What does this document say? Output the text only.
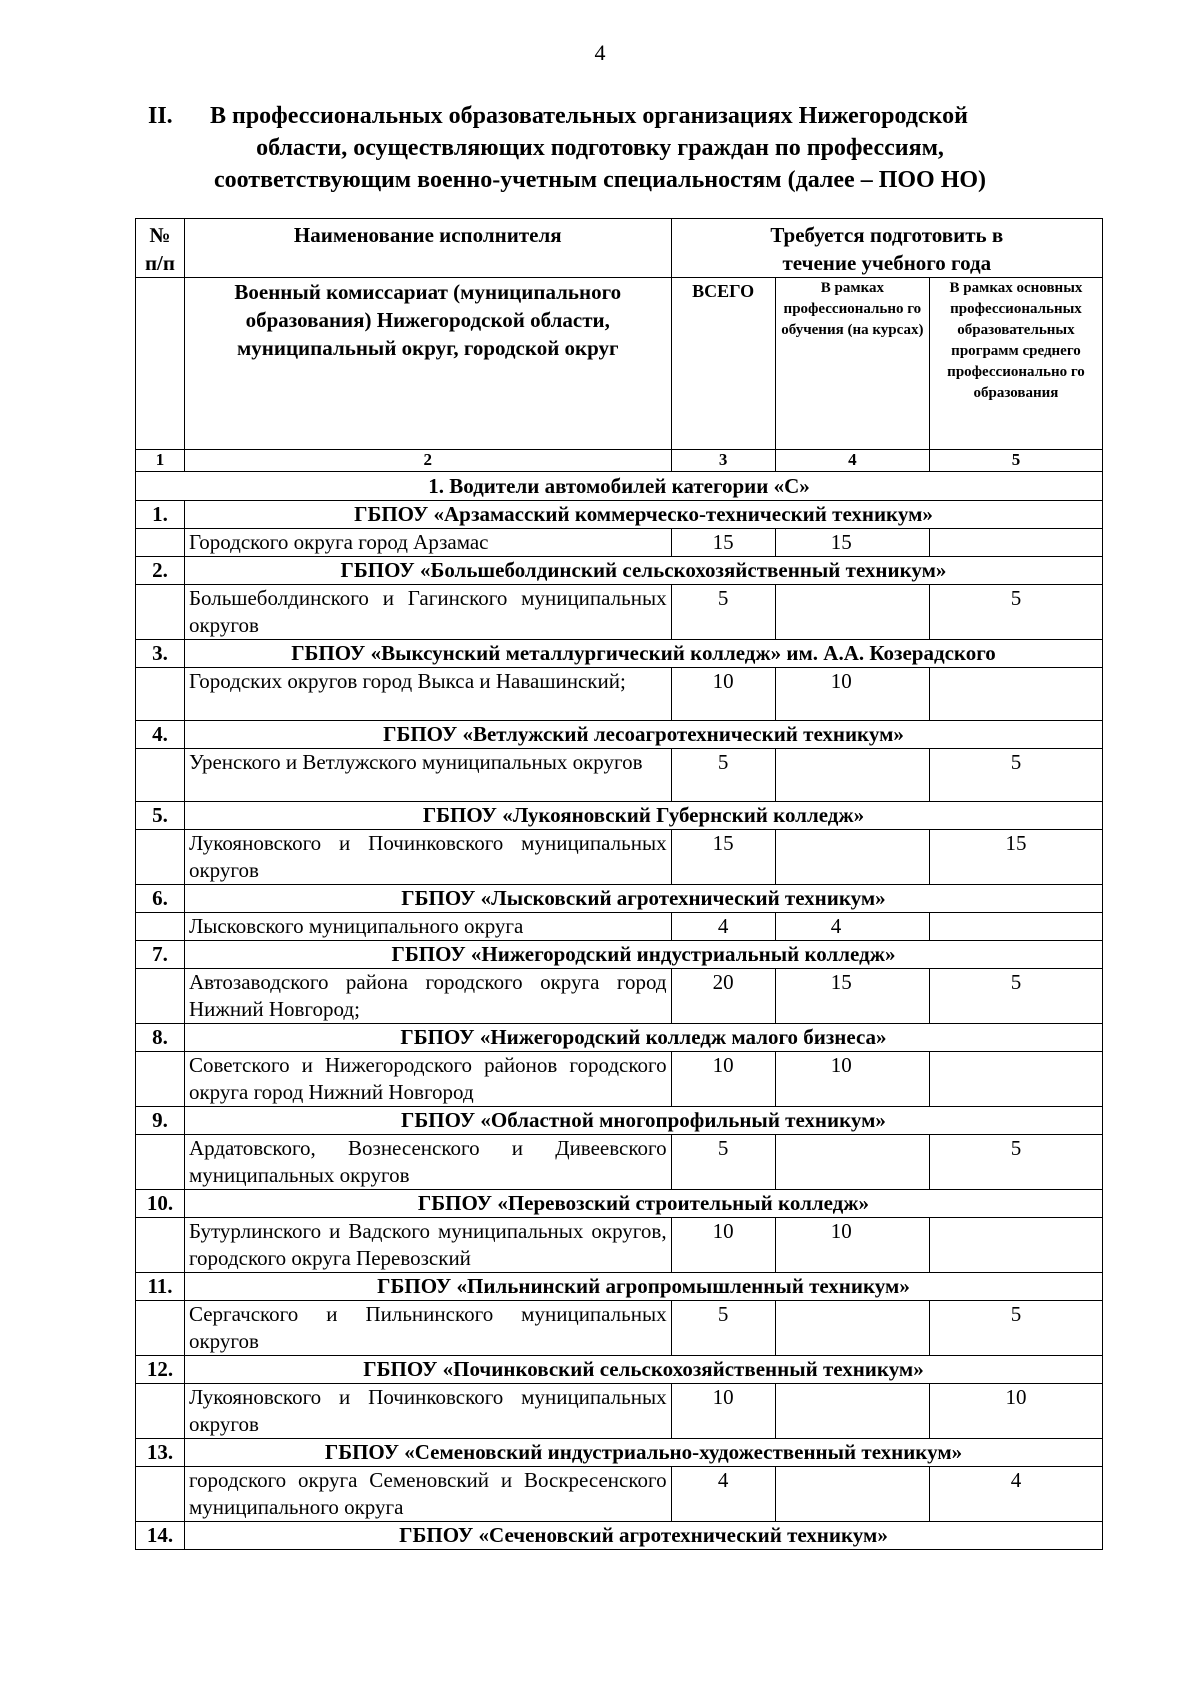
4
II.	В профессиональных образовательных организациях Нижегородской
области, осуществляющих подготовку граждан по профессиям,
соответствующим военно-учетным специальностям (далее – ПОО НО)
№ п/п	Наименование исполнителя	Требуется подготовить в течение учебного года		
	Военный комиссариат (муниципального образования) Нижегородской области, муниципальный округ, городской округ	ВСЕГО	В рамках профессионально го обучения (на курсах)	В рамках основных профессиональных образовательных программ среднего профессионально го образования
1	2	3	4	5
1. Водители автомобилей категории «С»				
1.	ГБПОУ «Арзамасский коммерческо-технический техникум»			
	Городского округа город Арзамас	15	15	
2.	ГБПОУ «Большеболдинский сельскохозяйственный техникум»			
	Большеболдинского и Гагинского муниципальных округов	5		5
3.	ГБПОУ «Выксунский металлургический колледж» им. А.А. Козерадского			
	Городских округов город Выкса и Навашинский;	10	10	
4.	ГБПОУ «Ветлужский лесоагротехнический техникум»			
	Уренского и Ветлужского муниципальных округов	5		5
5.	ГБПОУ «Лукояновский Губернский колледж»			
	Лукояновского и Починковского муниципальных округов	15		15
6.	ГБПОУ «Лысковский агротехнический техникум»			
	Лысковского муниципального округа	4	4	
7.	ГБПОУ «Нижегородский индустриальный колледж»			
	Автозаводского района городского округа город Нижний Новгород;	20	15	5
8.	ГБПОУ «Нижегородский колледж малого бизнеса»			
	Советского и Нижегородского районов городского округа город Нижний Новгород	10	10	
9.	ГБПОУ «Областной многопрофильный техникум»			
	Ардатовского, Вознесенского и Дивеевского муниципальных округов	5		5
10.	ГБПОУ «Перевозский строительный колледж»			
	Бутурлинского и Вадского муниципальных округов, городского округа Перевозский	10	10	
11.	ГБПОУ «Пильнинский агропромышленный техникум»			
	Сергачского и Пильнинского муниципальных округов	5		5
12.	ГБПОУ «Починковский сельскохозяйственный техникум»			
	Лукояновского и Починковского муниципальных округов	10		10
13.	ГБПОУ «Семеновский индустриально-художественный техникум»			
	городского округа Семеновский и Воскресенского муниципального округа	4		4
14.	ГБПОУ «Сеченовский агротехнический техникум»			
